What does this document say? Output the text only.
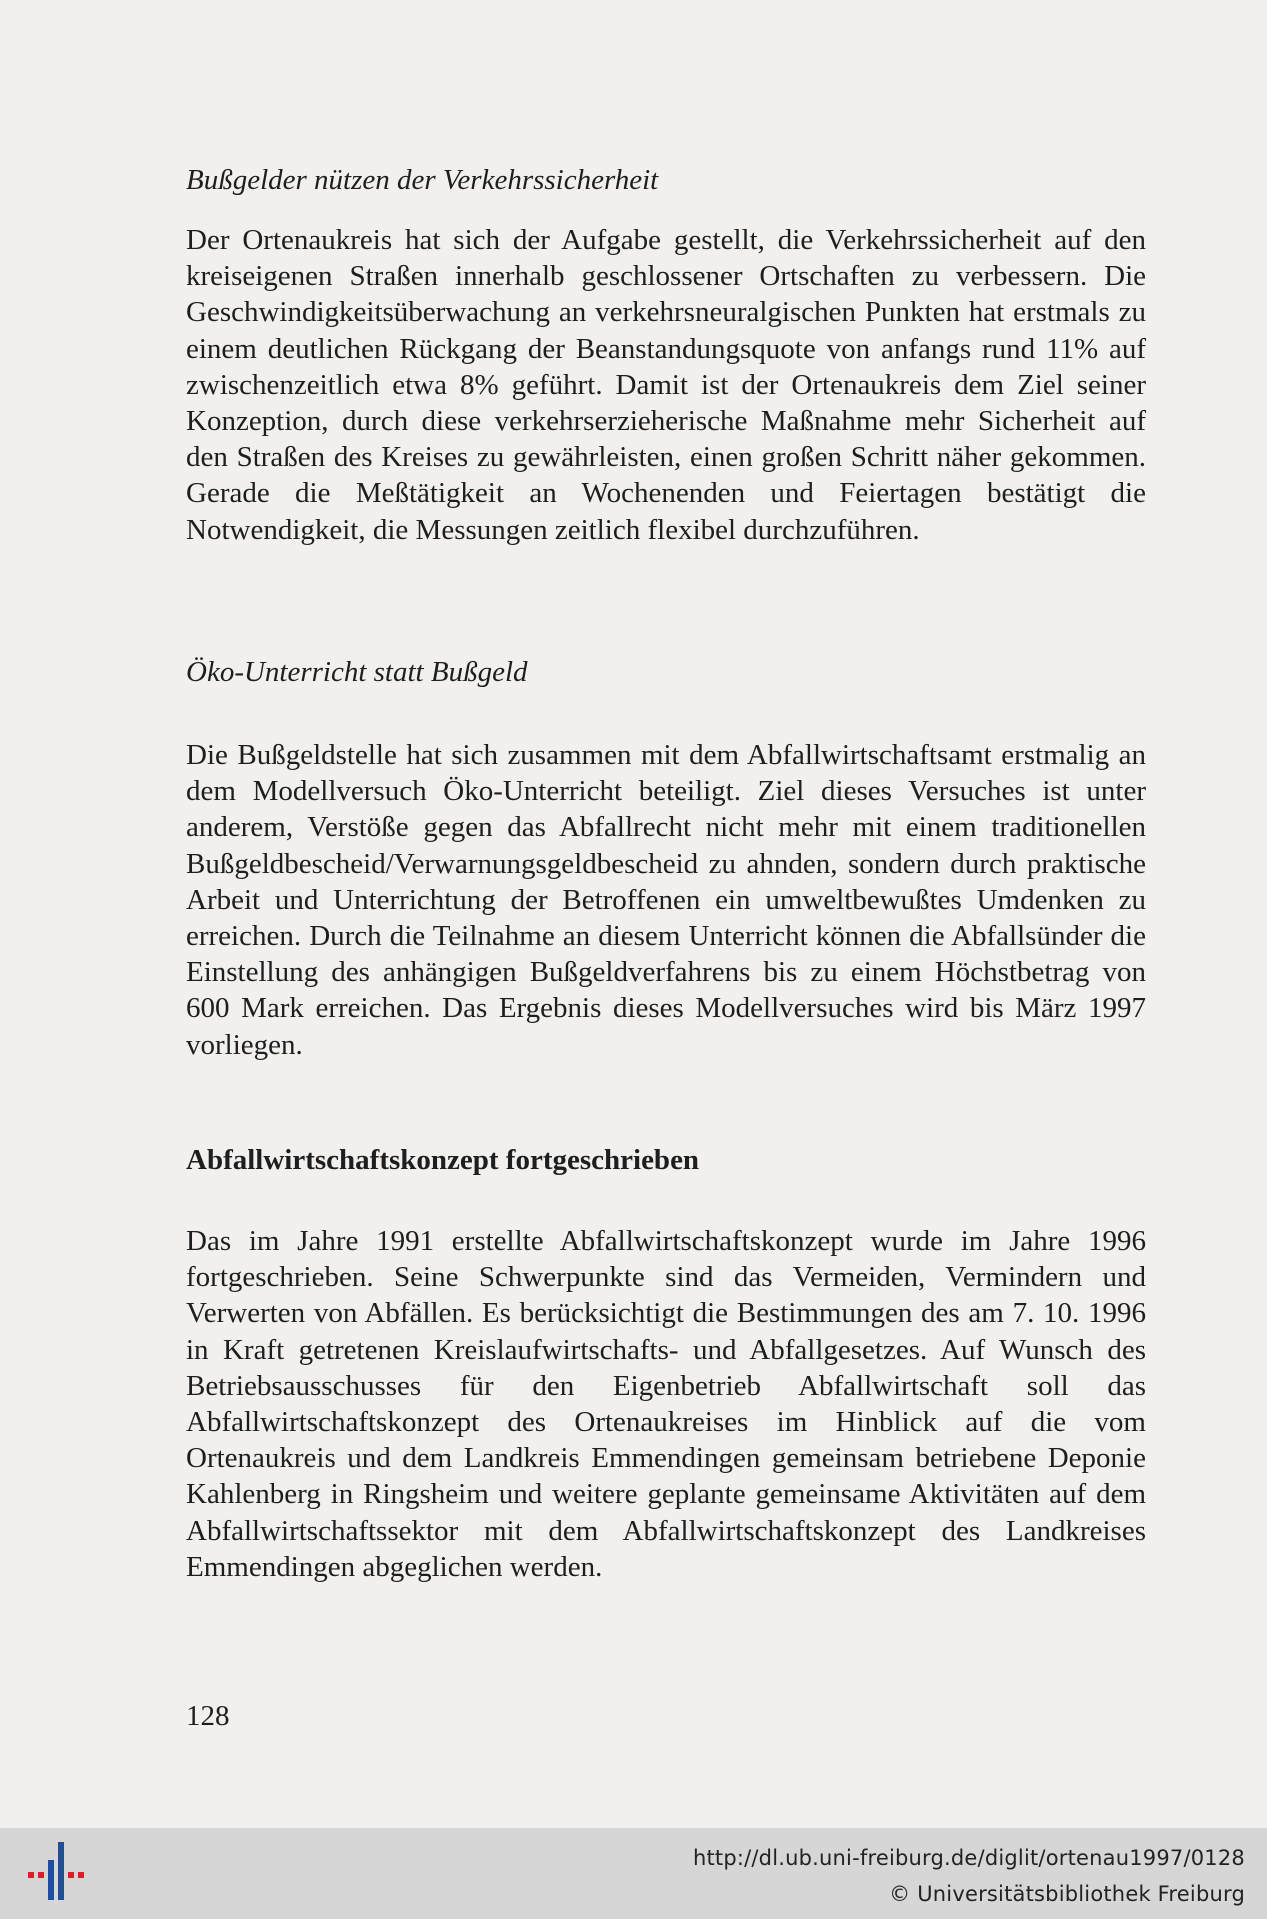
Bußgelder nützen der Verkehrssicherheit

Der Ortenaukreis hat sich der Aufgabe gestellt, die Verkehrssicherheit auf den kreiseigenen Straßen innerhalb geschlossener Ortschaften zu verbessern. Die Geschwindigkeitsüberwachung an verkehrsneuralgischen Punkten hat erstmals zu einem deutlichen Rückgang der Beanstandungsquote von anfangs rund 11% auf zwischenzeitlich etwa 8% geführt. Damit ist der Ortenaukreis dem Ziel seiner Konzeption, durch diese verkehrserzieherische Maßnahme mehr Sicherheit auf den Straßen des Kreises zu gewährleisten, einen großen Schritt näher gekommen. Gerade die Meßtätigkeit an Wochenenden und Feiertagen bestätigt die Notwendigkeit, die Messungen zeitlich flexibel durchzuführen.

Öko-Unterricht statt Bußgeld

Die Bußgeldstelle hat sich zusammen mit dem Abfallwirtschaftsamt erstmalig an dem Modellversuch Öko-Unterricht beteiligt. Ziel dieses Versuches ist unter anderem, Verstöße gegen das Abfallrecht nicht mehr mit einem traditionellen Bußgeldbescheid/Verwarnungsgeldbescheid zu ahnden, sondern durch praktische Arbeit und Unterrichtung der Betroffenen ein umweltbewußtes Umdenken zu erreichen. Durch die Teilnahme an diesem Unterricht können die Abfallsünder die Einstellung des anhängigen Bußgeldverfahrens bis zu einem Höchstbetrag von 600 Mark erreichen. Das Ergebnis dieses Modellversuches wird bis März 1997 vorliegen.

Abfallwirtschaftskonzept fortgeschrieben

Das im Jahre 1991 erstellte Abfallwirtschaftskonzept wurde im Jahre 1996 fortgeschrieben. Seine Schwerpunkte sind das Vermeiden, Vermindern und Verwerten von Abfällen. Es berücksichtigt die Bestimmungen des am 7. 10. 1996 in Kraft getretenen Kreislaufwirtschafts- und Abfallgesetzes. Auf Wunsch des Betriebsausschusses für den Eigenbetrieb Abfallwirtschaft soll das Abfallwirtschaftskonzept des Ortenaukreises im Hinblick auf die vom Ortenaukreis und dem Landkreis Emmendingen gemeinsam betriebene Deponie Kahlenberg in Ringsheim und weitere geplante gemeinsame Aktivitäten auf dem Abfallwirtschaftssektor mit dem Abfallwirtschaftskonzept des Landkreises Emmendingen abgeglichen werden.

128
http://dl.ub.uni-freiburg.de/diglit/ortenau1997/0128
© Universitätsbibliothek Freiburg
